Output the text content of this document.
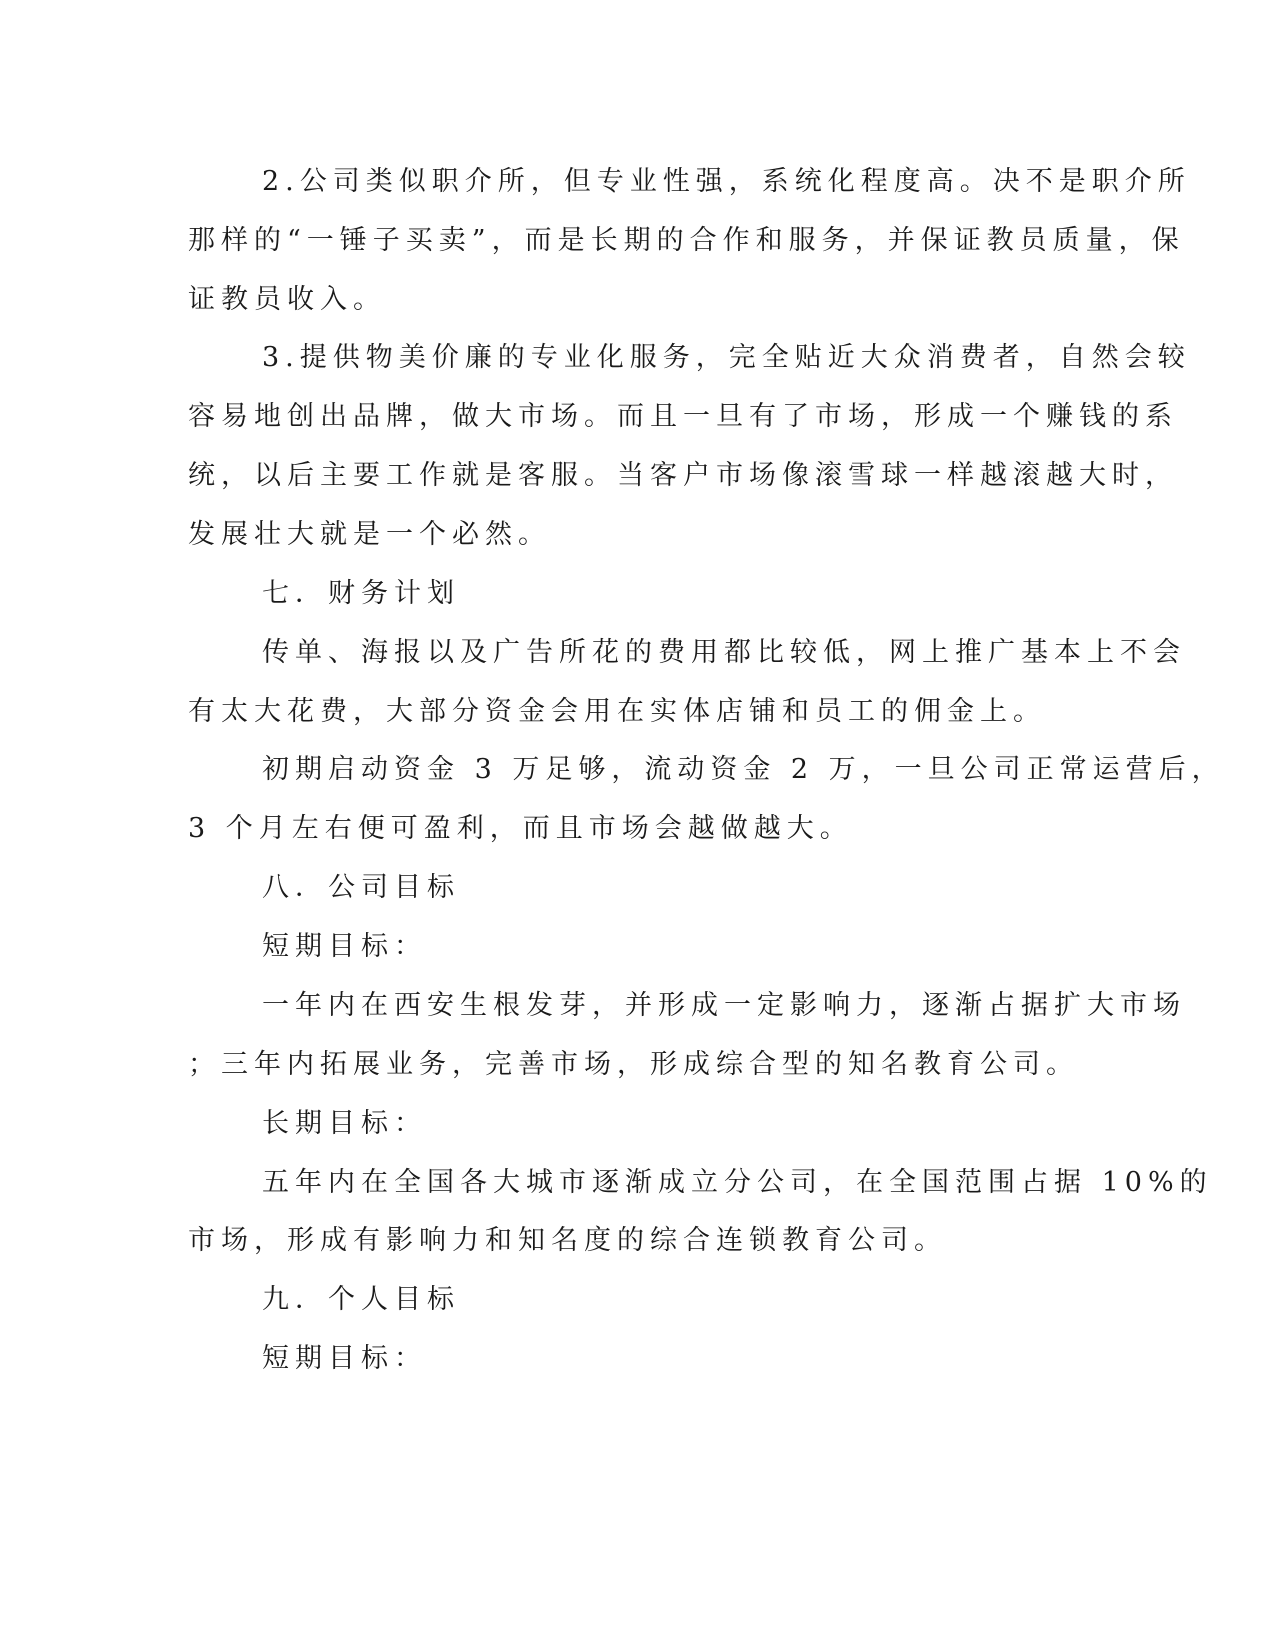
2.公司类似职介所，但专业性强，系统化程度高。决不是职介所
那样的“一锤子买卖”，而是长期的合作和服务，并保证教员质量，保
证教员收入。
3.提供物美价廉的专业化服务，完全贴近大众消费者，自然会较
容易地创出品牌，做大市场。而且一旦有了市场，形成一个赚钱的系
统，以后主要工作就是客服。当客户市场像滚雪球一样越滚越大时，
发展壮大就是一个必然。
七．财务计划
传单、海报以及广告所花的费用都比较低，网上推广基本上不会
有太大花费，大部分资金会用在实体店铺和员工的佣金上。
初期启动资金 3 万足够，流动资金 2 万，一旦公司正常运营后，
3 个月左右便可盈利，而且市场会越做越大。
八．公司目标
短期目标：
一年内在西安生根发芽，并形成一定影响力，逐渐占据扩大市场
；三年内拓展业务，完善市场，形成综合型的知名教育公司。
长期目标：
五年内在全国各大城市逐渐成立分公司，在全国范围占据 10%的
市场，形成有影响力和知名度的综合连锁教育公司。
九．个人目标
短期目标：
